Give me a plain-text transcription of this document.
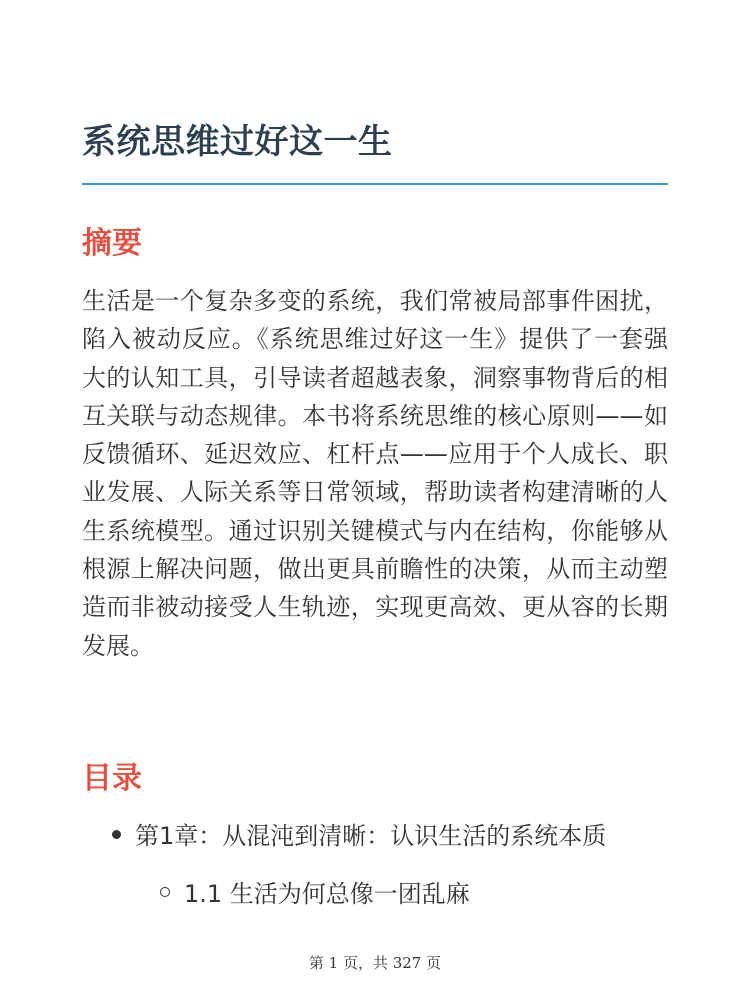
系统思维过好这一生
摘要

生活是一个复杂多变的系统，我们常被局部事件困扰，陷入被动反应。《系统思维过好这一生》提供了一套强大的认知工具，引导读者超越表象，洞察事物背后的相互关联与动态规律。本书将系统思维的核心原则——如反馈循环、延迟效应、杠杆点——应用于个人成长、职业发展、人际关系等日常领域，帮助读者构建清晰的人生系统模型。通过识别关键模式与内在结构，你能够从根源上解决问题，做出更具前瞻性的决策，从而主动塑造而非被动接受人生轨迹，实现更高效、更从容的长期发展。

目录
第1章：从混沌到清晰：认识生活的系统本质
1.1 生活为何总像一团乱麻
第 1 页，共 327 页
